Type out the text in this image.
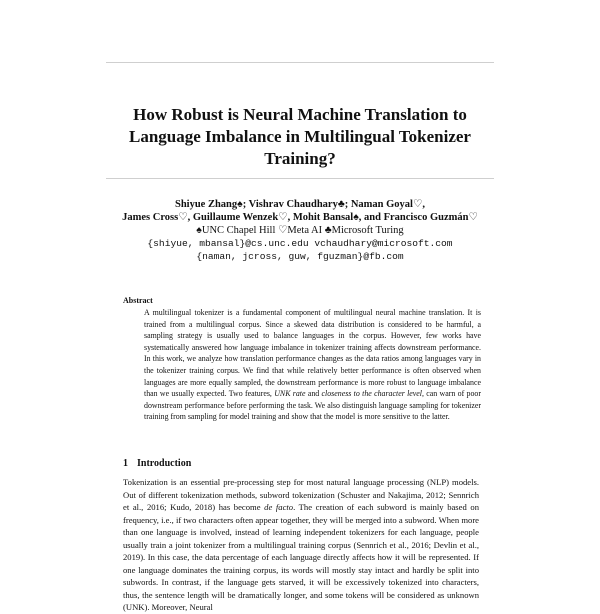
How Robust is Neural Machine Translation to
Language Imbalance in Multilingual Tokenizer
Training?
Shiyue Zhang♠; Vishrav Chaudhary♣; Naman Goyal♡,
James Cross♡, Guillaume Wenzek♡, Mohit Bansal♠, and Francisco Guzmán♡
♠UNC Chapel Hill ♡Meta AI ♣Microsoft Turing
{shiyue, mbansal}@cs.unc.edu vchaudhary@microsoft.com
{naman, jcross, guw, fguzman}@fb.com
Abstract
A multilingual tokenizer is a fundamental component of multilingual neural machine translation. It is trained from a multilingual corpus. Since a skewed data distribution is considered to be harmful, a sampling strategy is usually used to balance languages in the corpus. However, few works have systematically answered how language imbalance in tokenizer training affects downstream performance. In this work, we analyze how translation performance changes as the data ratios among languages vary in the tokenizer training corpus. We find that while relatively better performance is often observed when languages are more equally sampled, the downstream performance is more robust to language imbalance than we usually expected. Two features, UNK rate and closeness to the character level, can warn of poor downstream performance before performing the task. We also distinguish language sampling for tokenizer training from sampling for model training and show that the model is more sensitive to the latter.
1 Introduction
Tokenization is an essential pre-processing step for most natural language processing (NLP) models. Out of different tokenization methods, subword tokenization (Schuster and Nakajima, 2012; Sennrich et al., 2016; Kudo, 2018) has become de facto. The creation of each subword is mainly based on frequency, i.e., if two characters often appear together, they will be merged into a subword. When more than one language is involved, instead of learning independent tokenizers for each language, people usually train a joint tokenizer from a multilingual training corpus (Sennrich et al., 2016; Devlin et al., 2019). In this case, the data percentage of each language directly affects how it will be represented. If one language dominates the training corpus, its words will mostly stay intact and hardly be split into subwords. In contrast, if the language gets starved, it will be excessively tokenized into characters, thus, the sentence length will be dramatically longer, and some tokens will be considered as unknown (UNK). Moreover, Neural
